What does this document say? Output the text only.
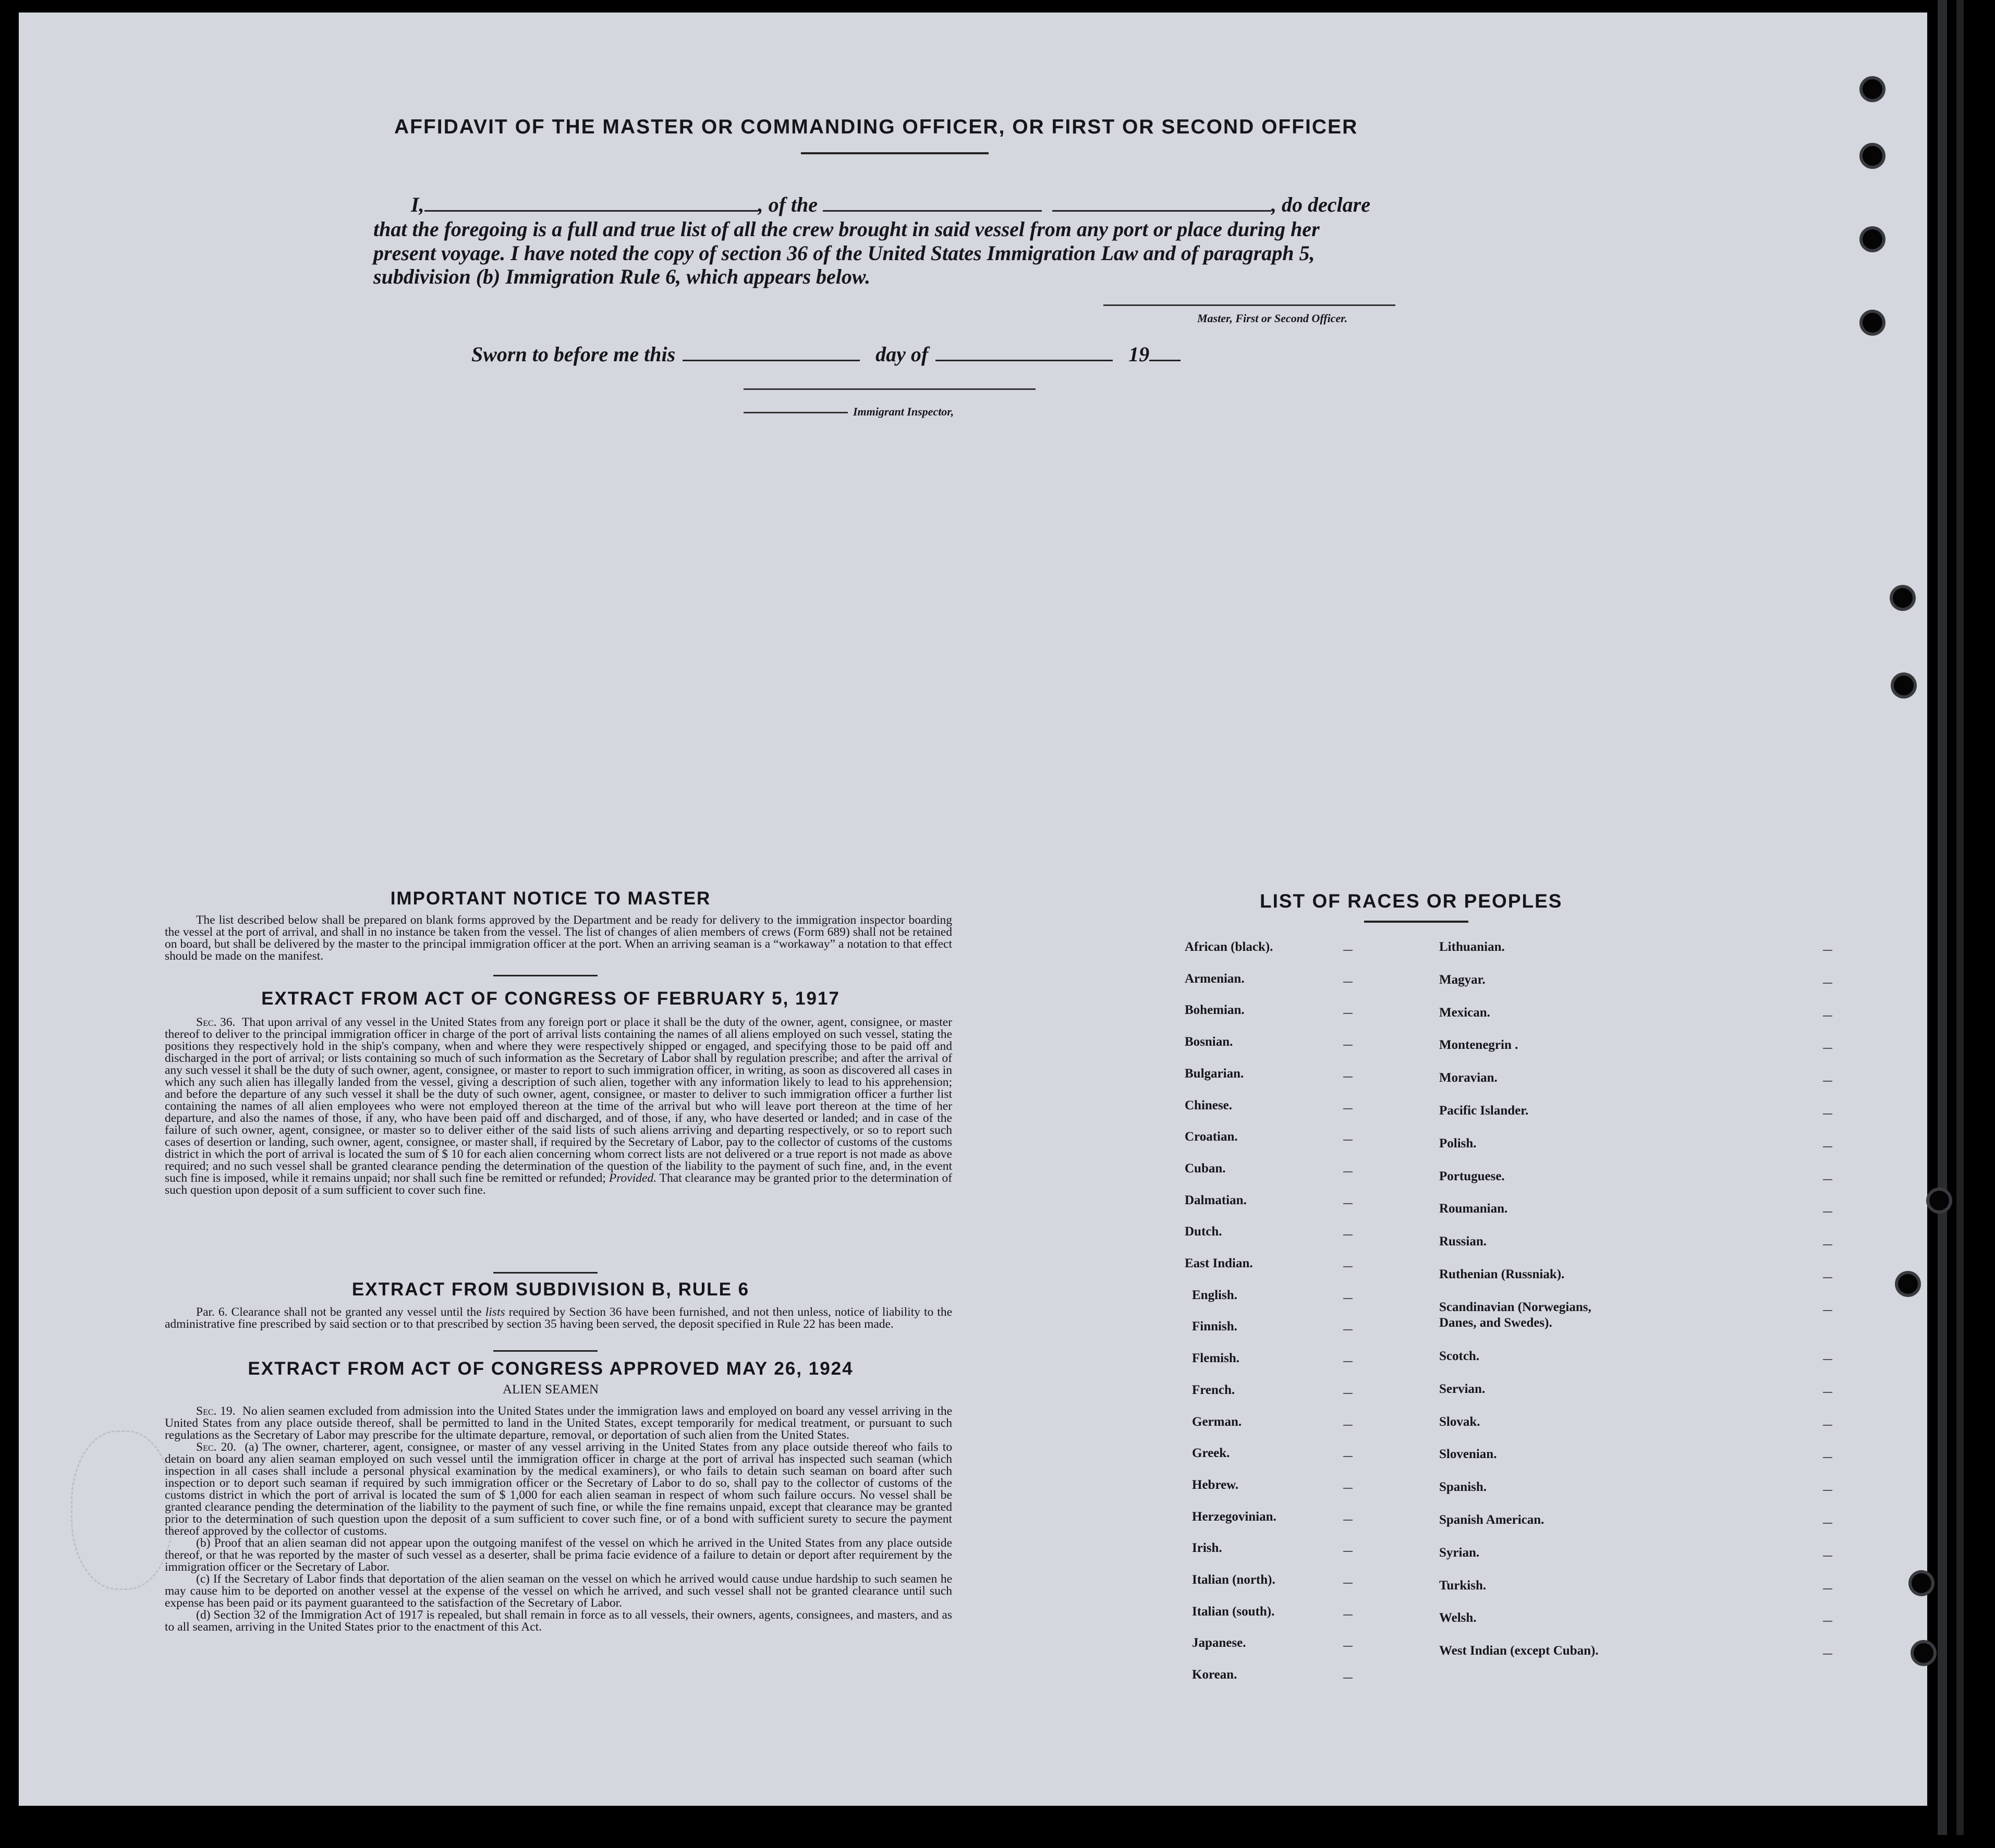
AFFIDAVIT OF THE MASTER OR COMMANDING OFFICER, OR FIRST OR SECOND OFFICER
I,	, of the	, do declare
that the foregoing is a full and true list of all the crew brought in said vessel from any port or place during her
present voyage. I have noted the copy of section 36 of the United States Immigration Law and of paragraph 5,
subdivision (b) Immigration Rule 6, which appears below.
Master, First or Second Officer.
Sworn to before me this	day of	19
Immigrant Inspector,
IMPORTANT NOTICE TO MASTER

The list described below shall be prepared on blank forms approved by the Department and be ready for delivery to the immigration inspector boarding the vessel at the port of arrival, and shall in no instance be taken from the vessel. The list of changes of alien members of crews (Form 689) shall not be retained on board, but shall be delivered by the master to the principal immigration officer at the port. When an arriving seaman is a “workaway” a notation to that effect should be made on the manifest.

EXTRACT FROM ACT OF CONGRESS OF FEBRUARY 5, 1917

Sec. 36. That upon arrival of any vessel in the United States from any foreign port or place it shall be the duty of the owner, agent, consignee, or master thereof to deliver to the principal immigration officer in charge of the port of arrival lists containing the names of all aliens employed on such vessel, stating the positions they respectively hold in the ship's company, when and where they were respectively shipped or engaged, and specifying those to be paid off and discharged in the port of arrival; or lists containing so much of such information as the Secretary of Labor shall by regulation prescribe; and after the arrival of any such vessel it shall be the duty of such owner, agent, consignee, or master to report to such immigration officer, in writing, as soon as discovered all cases in which any such alien has illegally landed from the vessel, giving a description of such alien, together with any information likely to lead to his apprehension; and before the departure of any such vessel it shall be the duty of such owner, agent, consignee, or master to deliver to such immigration officer a further list containing the names of all alien employees who were not employed thereon at the time of the arrival but who will leave port thereon at the time of her departure, and also the names of those, if any, who have been paid off and discharged, and of those, if any, who have deserted or landed; and in case of the failure of such owner, agent, consignee, or master so to deliver either of the said lists of such aliens arriving and departing respectively, or so to report such cases of desertion or landing, such owner, agent, consignee, or master shall, if required by the Secretary of Labor, pay to the collector of customs of the customs district in which the port of arrival is located the sum of $ 10 for each alien concerning whom correct lists are not delivered or a true report is not made as above required; and no such vessel shall be granted clearance pending the determination of the question of the liability to the payment of such fine, and, in the event such fine is imposed, while it remains unpaid; nor shall such fine be remitted or refunded; Provided. That clearance may be granted prior to the determination of such question upon deposit of a sum sufficient to cover such fine.

EXTRACT FROM SUBDIVISION B, RULE 6

Par. 6. Clearance shall not be granted any vessel until the lists required by Section 36 have been furnished, and not then unless, notice of liability to the administrative fine prescribed by said section or to that prescribed by section 35 having been served, the deposit specified in Rule 22 has been made.

EXTRACT FROM ACT OF CONGRESS APPROVED MAY 26, 1924
ALIEN SEAMEN

Sec. 19. No alien seamen excluded from admission into the United States under the immigration laws and employed on board any vessel arriving in the United States from any place outside thereof, shall be permitted to land in the United States, except temporarily for medical treatment, or pursuant to such regulations as the Secretary of Labor may prescribe for the ultimate departure, removal, or deportation of such alien from the United States.

Sec. 20. (a) The owner, charterer, agent, consignee, or master of any vessel arriving in the United States from any place outside thereof who fails to detain on board any alien seaman employed on such vessel until the immigration officer in charge at the port of arrival has inspected such seaman (which inspection in all cases shall include a personal physical examination by the medical examiners), or who fails to detain such seaman on board after such inspection or to deport such seaman if required by such immigration officer or the Secretary of Labor to do so, shall pay to the collector of customs of the customs district in which the port of arrival is located the sum of $ 1,000 for each alien seaman in respect of whom such failure occurs. No vessel shall be granted clearance pending the determination of the liability to the payment of such fine, or while the fine remains unpaid, except that clearance may be granted prior to the determination of such question upon the deposit of a sum sufficient to cover such fine, or of a bond with sufficient surety to secure the payment thereof approved by the collector of customs.

(b) Proof that an alien seaman did not appear upon the outgoing manifest of the vessel on which he arrived in the United States from any place outside thereof, or that he was reported by the master of such vessel as a deserter, shall be prima facie evidence of a failure to detain or deport after requirement by the immigration officer or the Secretary of Labor.

(c) If the Secretary of Labor finds that deportation of the alien seaman on the vessel on which he arrived would cause undue hardship to such seamen he may cause him to be deported on another vessel at the expense of the vessel on which he arrived, and such vessel shall not be granted clearance until such expense has been paid or its payment guaranteed to the satisfaction of the Secretary of Labor.

(d) Section 32 of the Immigration Act of 1917 is repealed, but shall remain in force as to all vessels, their owners, agents, consignees, and masters, and as to all seamen, arriving in the United States prior to the enactment of this Act.

LIST OF RACES OR PEOPLES
African (black).
Armenian.
Bohemian.
Bosnian.
Bulgarian.
Chinese.
Croatian.
Cuban.
Dalmatian.
Dutch.
East Indian.
English.
Finnish.
Flemish.
French.
German.
Greek.
Hebrew.
Herzegovinian.
Irish.
Italian (north).
Italian (south).
Japanese.
Korean.
Lithuanian.
Magyar.
Mexican.
Montenegrin .
Moravian.
Pacific Islander.
Polish.
Portuguese.
Roumanian.
Russian.
Ruthenian (Russniak).
Scandinavian (Norwegians, Danes, and Swedes).
Scotch.
Servian.
Slovak.
Slovenian.
Spanish.
Spanish American.
Syrian.
Turkish.
Welsh.
West Indian (except Cuban).
